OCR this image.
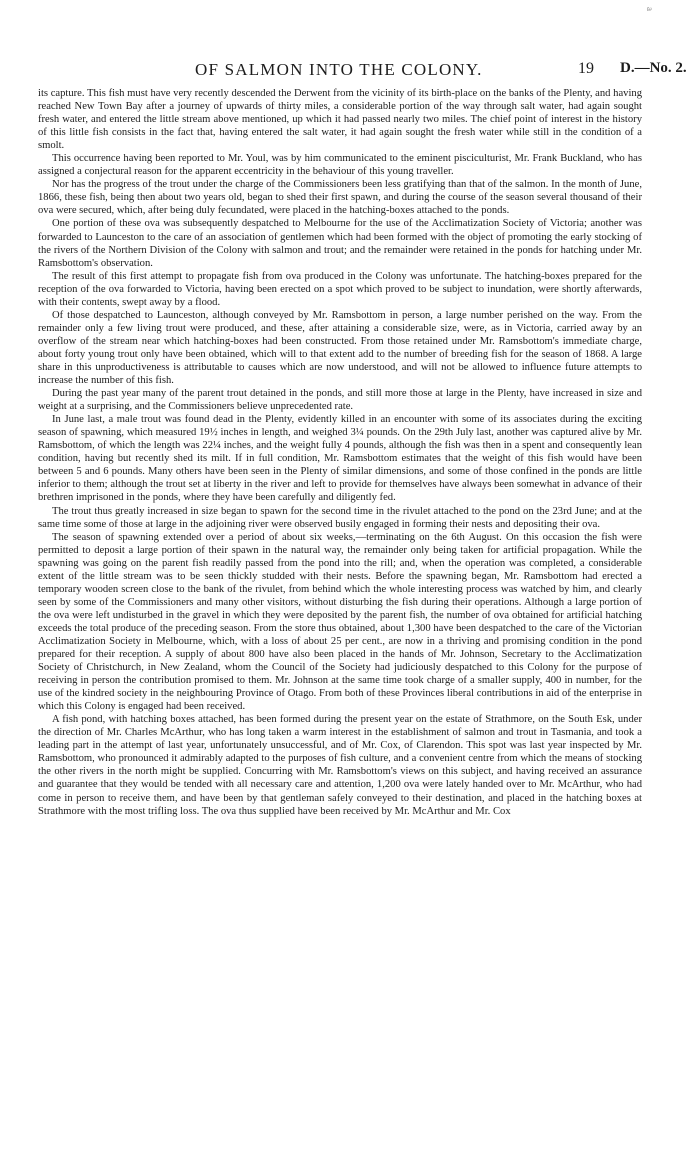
a
OF SALMON INTO THE COLONY.	19 D.—No. 2.

its capture. This fish must have very recently descended the Derwent from the vicinity of its birth-place on the banks of the Plenty, and having reached New Town Bay after a journey of upwards of thirty miles, a considerable portion of the way through salt water, had again sought fresh water, and entered the little stream above mentioned, up which it had passed nearly two miles. The chief point of interest in the history of this little fish consists in the fact that, having entered the salt water, it had again sought the fresh water while still in the condition of a smolt.

This occurrence having been reported to Mr. Youl, was by him communicated to the eminent pisciculturist, Mr. Frank Buckland, who has assigned a conjectural reason for the apparent eccentricity in the behaviour of this young traveller.

Nor has the progress of the trout under the charge of the Commissioners been less gratifying than that of the salmon. In the month of June, 1866, these fish, being then about two years old, began to shed their first spawn, and during the course of the season several thousand of their ova were secured, which, after being duly fecundated, were placed in the hatching-boxes attached to the ponds.

One portion of these ova was subsequently despatched to Melbourne for the use of the Acclimatization Society of Victoria; another was forwarded to Launceston to the care of an association of gentlemen which had been formed with the object of promoting the early stocking of the rivers of the Northern Division of the Colony with salmon and trout; and the remainder were retained in the ponds for hatching under Mr. Ramsbottom's observation.

The result of this first attempt to propagate fish from ova produced in the Colony was unfortunate. The hatching-boxes prepared for the reception of the ova forwarded to Victoria, having been erected on a spot which proved to be subject to inundation, were shortly afterwards, with their contents, swept away by a flood.

Of those despatched to Launceston, although conveyed by Mr. Ramsbottom in person, a large number perished on the way. From the remainder only a few living trout were produced, and these, after attaining a considerable size, were, as in Victoria, carried away by an overflow of the stream near which hatching-boxes had been constructed. From those retained under Mr. Ramsbottom's immediate charge, about forty young trout only have been obtained, which will to that extent add to the number of breeding fish for the season of 1868. A large share in this unproductiveness is attributable to causes which are now understood, and will not be allowed to influence future attempts to increase the number of this fish.

During the past year many of the parent trout detained in the ponds, and still more those at large in the Plenty, have increased in size and weight at a surprising, and the Commissioners believe unprecedented rate.

In June last, a male trout was found dead in the Plenty, evidently killed in an encounter with some of its associates during the exciting season of spawning, which measured 19½ inches in length, and weighed 3¼ pounds. On the 29th July last, another was captured alive by Mr. Ramsbottom, of which the length was 22¼ inches, and the weight fully 4 pounds, although the fish was then in a spent and consequently lean condition, having but recently shed its milt. If in full condition, Mr. Ramsbottom estimates that the weight of this fish would have been between 5 and 6 pounds. Many others have been seen in the Plenty of similar dimensions, and some of those confined in the ponds are little inferior to them; although the trout set at liberty in the river and left to provide for themselves have always been somewhat in advance of their brethren imprisoned in the ponds, where they have been carefully and diligently fed.

The trout thus greatly increased in size began to spawn for the second time in the rivulet attached to the pond on the 23rd June; and at the same time some of those at large in the adjoining river were observed busily engaged in forming their nests and depositing their ova.

The season of spawning extended over a period of about six weeks,—terminating on the 6th August. On this occasion the fish were permitted to deposit a large portion of their spawn in the natural way, the remainder only being taken for artificial propagation. While the spawning was going on the parent fish readily passed from the pond into the rill; and, when the operation was completed, a considerable extent of the little stream was to be seen thickly studded with their nests. Before the spawning began, Mr. Ramsbottom had erected a temporary wooden screen close to the bank of the rivulet, from behind which the whole interesting process was watched by him, and clearly seen by some of the Commissioners and many other visitors, without disturbing the fish during their operations. Although a large portion of the ova were left undisturbed in the gravel in which they were deposited by the parent fish, the number of ova obtained for artificial hatching exceeds the total produce of the preceding season. From the store thus obtained, about 1,300 have been despatched to the care of the Victorian Acclimatization Society in Melbourne, which, with a loss of about 25 per cent., are now in a thriving and promising condition in the pond prepared for their reception. A supply of about 800 have also been placed in the hands of Mr. Johnson, Secretary to the Acclimatization Society of Christchurch, in New Zealand, whom the Council of the Society had judiciously despatched to this Colony for the purpose of receiving in person the contribution promised to them. Mr. Johnson at the same time took charge of a smaller supply, 400 in number, for the use of the kindred society in the neighbouring Province of Otago. From both of these Provinces liberal contributions in aid of the enterprise in which this Colony is engaged had been received.

A fish pond, with hatching boxes attached, has been formed during the present year on the estate of Strathmore, on the South Esk, under the direction of Mr. Charles McArthur, who has long taken a warm interest in the establishment of salmon and trout in Tasmania, and took a leading part in the attempt of last year, unfortunately unsuccessful, and of Mr. Cox, of Clarendon. This spot was last year inspected by Mr. Ramsbottom, who pronounced it admirably adapted to the purposes of fish culture, and a convenient centre from which the means of stocking the other rivers in the north might be supplied. Concurring with Mr. Ramsbottom's views on this subject, and having received an assurance and guarantee that they would be tended with all necessary care and attention, 1,200 ova were lately handed over to Mr. McArthur, who had come in person to receive them, and have been by that gentleman safely conveyed to their destination, and placed in the hatching boxes at Strathmore with the most trifling loss. The ova thus supplied have been received by Mr. McArthur and Mr. Cox
